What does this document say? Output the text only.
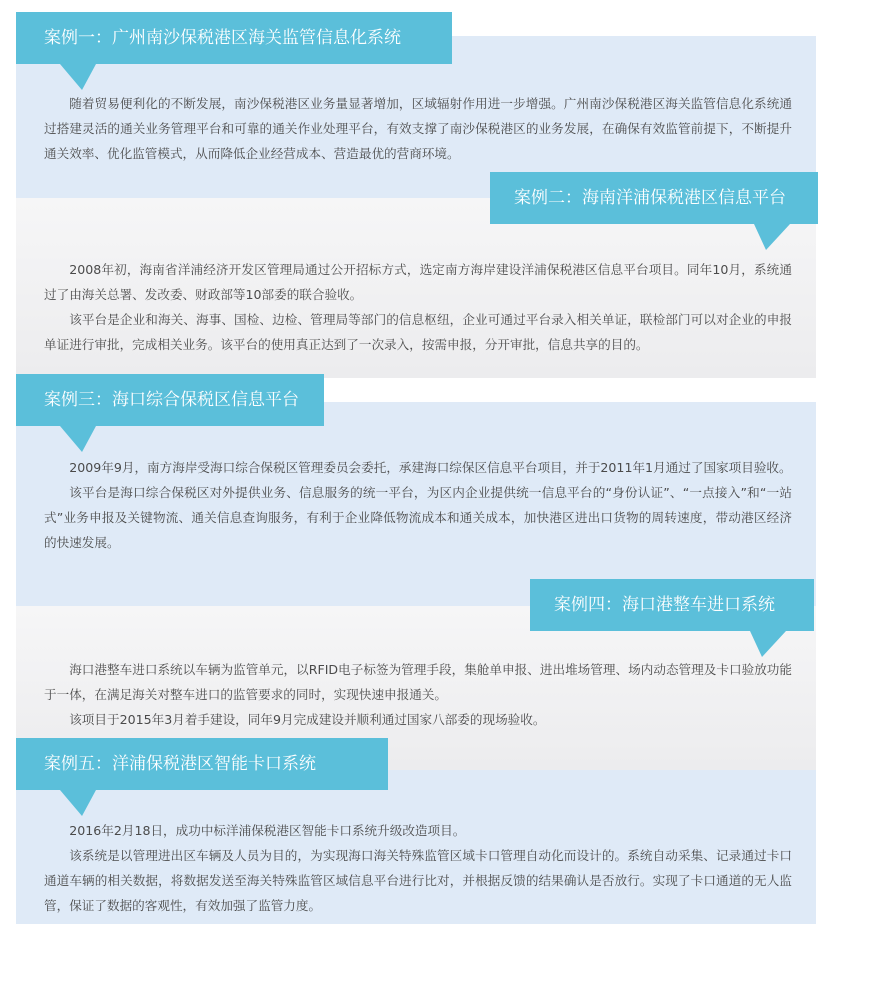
案例一：广州南沙保税港区海关监管信息化系统

随着贸易便利化的不断发展，南沙保税港区业务量显著增加，区域辐射作用进一步增强。广州南沙保税港区海关监管信息化系统通过搭建灵活的通关业务管理平台和可靠的通关作业处理平台，有效支撑了南沙保税港区的业务发展，在确保有效监管前提下，不断提升通关效率、优化监管模式，从而降低企业经营成本、营造最优的营商环境。

案例二：海南洋浦保税港区信息平台

2008年初，海南省洋浦经济开发区管理局通过公开招标方式，选定南方海岸建设洋浦保税港区信息平台项目。同年10月，系统通过了由海关总署、发改委、财政部等10部委的联合验收。

该平台是企业和海关、海事、国检、边检、管理局等部门的信息枢纽，企业可通过平台录入相关单证，联检部门可以对企业的申报单证进行审批，完成相关业务。该平台的使用真正达到了一次录入，按需申报，分开审批，信息共享的目的。

案例三：海口综合保税区信息平台

2009年9月，南方海岸受海口综合保税区管理委员会委托，承建海口综保区信息平台项目，并于2011年1月通过了国家项目验收。

该平台是海口综合保税区对外提供业务、信息服务的统一平台，为区内企业提供统一信息平台的“身份认证”、“一点接入”和“一站式”业务申报及关键物流、通关信息查询服务，有利于企业降低物流成本和通关成本，加快港区进出口货物的周转速度，带动港区经济的快速发展。

案例四：海口港整车进口系统

海口港整车进口系统以车辆为监管单元，以RFID电子标签为管理手段，集舱单申报、进出堆场管理、场内动态管理及卡口验放功能于一体，在满足海关对整车进口的监管要求的同时，实现快速申报通关。

该项目于2015年3月着手建设，同年9月完成建设并顺利通过国家八部委的现场验收。

案例五：洋浦保税港区智能卡口系统

2016年2月18日，成功中标洋浦保税港区智能卡口系统升级改造项目。

该系统是以管理进出区车辆及人员为目的，为实现海口海关特殊监管区域卡口管理自动化而设计的。系统自动采集、记录通过卡口通道车辆的相关数据，将数据发送至海关特殊监管区域信息平台进行比对，并根据反馈的结果确认是否放行。实现了卡口通道的无人监管，保证了数据的客观性，有效加强了监管力度。
